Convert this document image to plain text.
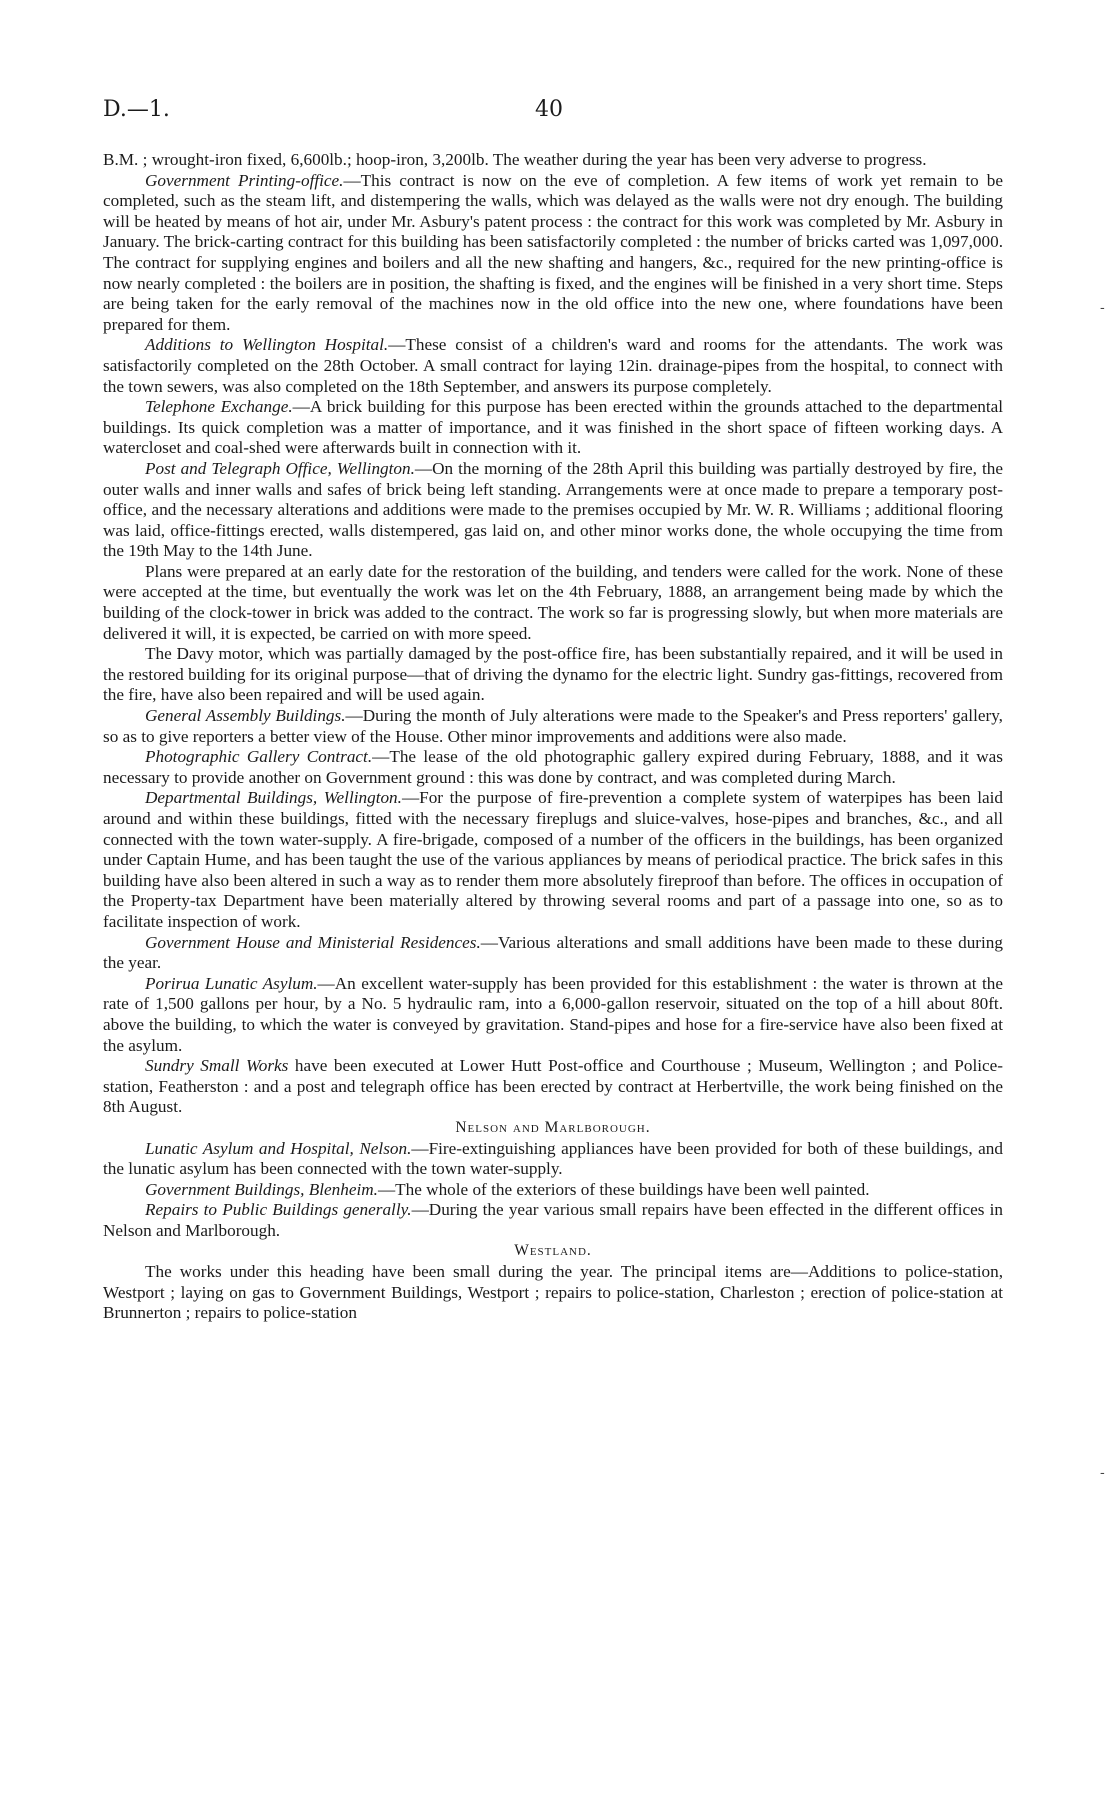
D.—1.	40

B.M. ; wrought-iron fixed, 6,600lb.; hoop-iron, 3,200lb. The weather during the year has been very adverse to progress.

Government Printing-office.—This contract is now on the eve of completion. A few items of work yet remain to be completed, such as the steam lift, and distempering the walls, which was delayed as the walls were not dry enough. The building will be heated by means of hot air, under Mr. Asbury's patent process : the contract for this work was completed by Mr. Asbury in January. The brick-carting contract for this building has been satisfactorily completed : the number of bricks carted was 1,097,000. The contract for supplying engines and boilers and all the new shafting and hangers, &c., required for the new printing-office is now nearly completed : the boilers are in position, the shafting is fixed, and the engines will be finished in a very short time. Steps are being taken for the early removal of the machines now in the old office into the new one, where foundations have been prepared for them.

Additions to Wellington Hospital.—These consist of a children's ward and rooms for the attendants. The work was satisfactorily completed on the 28th October. A small contract for laying 12in. drainage-pipes from the hospital, to connect with the town sewers, was also completed on the 18th September, and answers its purpose completely.

Telephone Exchange.—A brick building for this purpose has been erected within the grounds attached to the departmental buildings. Its quick completion was a matter of importance, and it was finished in the short space of fifteen working days. A watercloset and coal-shed were afterwards built in connection with it.

Post and Telegraph Office, Wellington.—On the morning of the 28th April this building was partially destroyed by fire, the outer walls and inner walls and safes of brick being left standing. Arrangements were at once made to prepare a temporary post-office, and the necessary alterations and additions were made to the premises occupied by Mr. W. R. Williams ; additional flooring was laid, office-fittings erected, walls distempered, gas laid on, and other minor works done, the whole occupying the time from the 19th May to the 14th June.

Plans were prepared at an early date for the restoration of the building, and tenders were called for the work. None of these were accepted at the time, but eventually the work was let on the 4th February, 1888, an arrangement being made by which the building of the clock-tower in brick was added to the contract. The work so far is progressing slowly, but when more materials are delivered it will, it is expected, be carried on with more speed.

The Davy motor, which was partially damaged by the post-office fire, has been substantially repaired, and it will be used in the restored building for its original purpose—that of driving the dynamo for the electric light. Sundry gas-fittings, recovered from the fire, have also been repaired and will be used again.

General Assembly Buildings.—During the month of July alterations were made to the Speaker's and Press reporters' gallery, so as to give reporters a better view of the House. Other minor improvements and additions were also made.

Photographic Gallery Contract.—The lease of the old photographic gallery expired during February, 1888, and it was necessary to provide another on Government ground : this was done by contract, and was completed during March.

Departmental Buildings, Wellington.—For the purpose of fire-prevention a complete system of waterpipes has been laid around and within these buildings, fitted with the necessary fireplugs and sluice-valves, hose-pipes and branches, &c., and all connected with the town water-supply. A fire-brigade, composed of a number of the officers in the buildings, has been organized under Captain Hume, and has been taught the use of the various appliances by means of periodical practice. The brick safes in this building have also been altered in such a way as to render them more absolutely fireproof than before. The offices in occupation of the Property-tax Department have been materially altered by throwing several rooms and part of a passage into one, so as to facilitate inspection of work.

Government House and Ministerial Residences.—Various alterations and small additions have been made to these during the year.

Porirua Lunatic Asylum.—An excellent water-supply has been provided for this establishment : the water is thrown at the rate of 1,500 gallons per hour, by a No. 5 hydraulic ram, into a 6,000-gallon reservoir, situated on the top of a hill about 80ft. above the building, to which the water is conveyed by gravitation. Stand-pipes and hose for a fire-service have also been fixed at the asylum.

Sundry Small Works have been executed at Lower Hutt Post-office and Courthouse ; Museum, Wellington ; and Police-station, Featherston : and a post and telegraph office has been erected by contract at Herbertville, the work being finished on the 8th August.

Nelson and Marlborough.

Lunatic Asylum and Hospital, Nelson.—Fire-extinguishing appliances have been provided for both of these buildings, and the lunatic asylum has been connected with the town water-supply.

Government Buildings, Blenheim.—The whole of the exteriors of these buildings have been well painted.

Repairs to Public Buildings generally.—During the year various small repairs have been effected in the different offices in Nelson and Marlborough.

Westland.

The works under this heading have been small during the year. The principal items are—Additions to police-station, Westport ; laying on gas to Government Buildings, Westport ; repairs to police-station, Charleston ; erection of police-station at Brunnerton ; repairs to police-station

-
-
